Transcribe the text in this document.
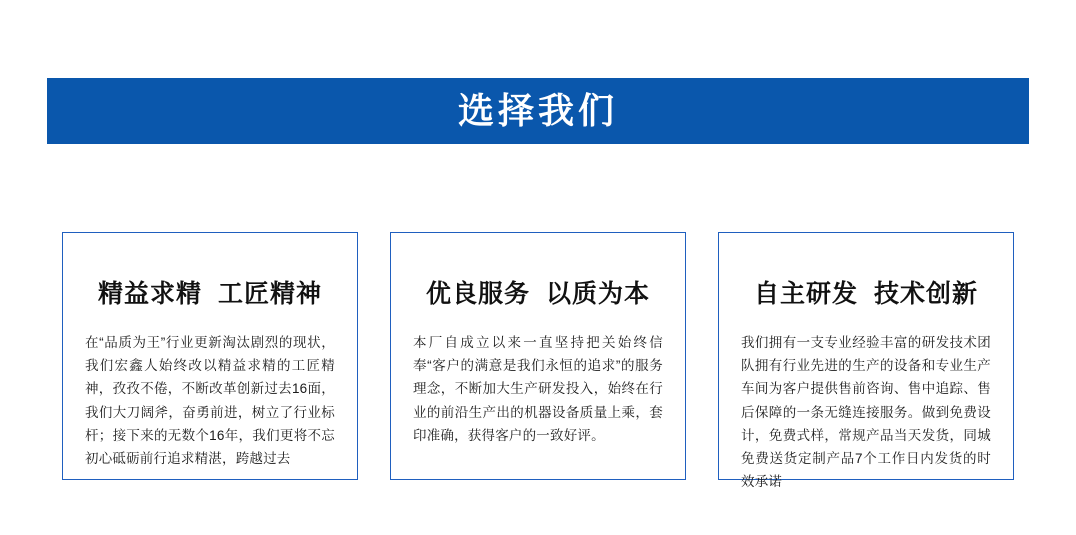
选择我们
精益求精  工匠精神
在“品质为王”行业更新淘汰剧烈的现状，我们宏鑫人始终改以精益求精的工匠精神，孜孜不倦，不断改革创新过去16面，我们大刀阔斧，奋勇前进，树立了行业标杆；接下来的无数个16年，我们更将不忘初心砥砺前行追求精湛，跨越过去
优良服务  以质为本
本厂自成立以来一直坚持把关始终信奉“客户的满意是我们永恒的追求”的服务理念，不断加大生产研发投入，始终在行业的前沿生产出的机器设备质量上乘，套印准确，获得客户的一致好评。
自主研发  技术创新
我们拥有一支专业经验丰富的研发技术团队拥有行业先进的生产的设备和专业生产车间为客户提供售前咨询、售中追踪、售后保障的一条无缝连接服务。做到免费设计，免费式样，常规产品当天发货，同城免费送货定制产品7个工作日内发货的时效承诺
